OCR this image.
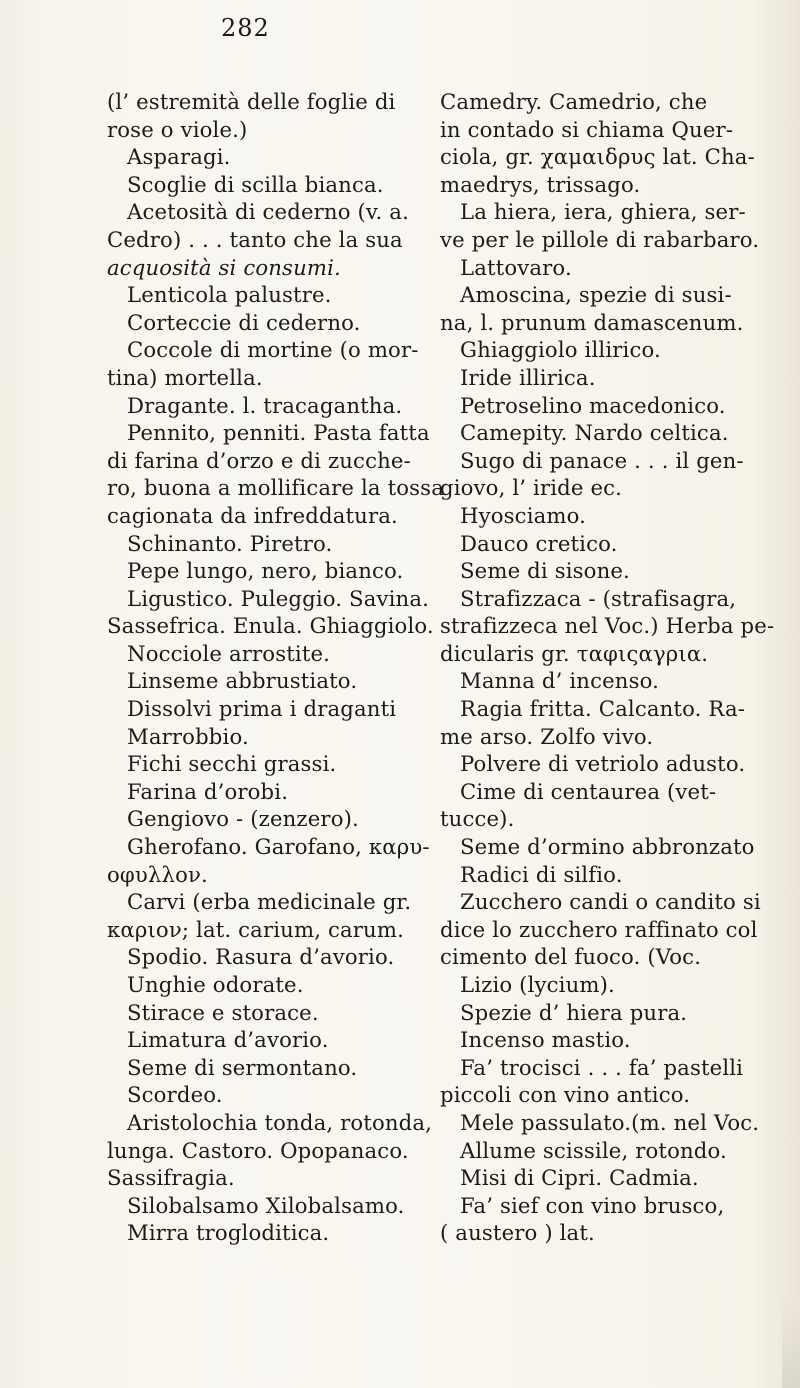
282
(l’ estremità delle foglie di
rose o viole.)
Asparagi.
Scoglie di scilla bianca.
Acetosità di cederno (v. a.
Cedro) . . . tanto che la sua
acquosità si consumi.
Lenticola palustre.
Corteccie di cederno.
Coccole di mortine (o mor-
tina) mortella.
Dragante. l. tracagantha.
Pennito, penniti. Pasta fatta
di farina d’orzo e di zucche-
ro, buona a mollificare la tossa
cagionata da infreddatura.
Schinanto. Piretro.
Pepe lungo, nero, bianco.
Ligustico. Puleggio. Savina.
Sassefrica. Enula. Ghiaggiolo.
Nocciole arrostite.
Linseme abbrustiato.
Dissolvi prima i draganti
Marrobbio.
Fichi secchi grassi.
Farina d’orobi.
Gengiovo - (zenzero).
Gherofano. Garofano, καρυ-
οφυλλον.
Carvi (erba medicinale gr.
καριον; lat. carium, carum.
Spodio. Rasura d’avorio.
Unghie odorate.
Stirace e storace.
Limatura d’avorio.
Seme di sermontano.
Scordeo.
Aristolochia tonda, rotonda,
lunga. Castoro. Opopanaco.
Sassifragia.
Silobalsamo Xilobalsamo.
Mirra trogloditica.
Camedry. Camedrio, che
in contado si chiama Quer-
ciola, gr. χαμαιδρυς lat. Cha-
maedrys, trissago.
La hiera, iera, ghiera, ser-
ve per le pillole di rabarbaro.
Lattovaro.
Amoscina, spezie di susi-
na, l. prunum damascenum.
Ghiaggiolo illirico.
Iride illirica.
Petroselino macedonico.
Camepity. Nardo celtica.
Sugo di panace . . . il gen-
giovo, l’ iride ec.
Hyosciamo.
Dauco cretico.
Seme di sisone.
Strafizzaca - (strafisagra,
strafizzeca nel Voc.) Herba pe-
dicularis gr. ταφιςαγρια.
Manna d’ incenso.
Ragia fritta. Calcanto. Ra-
me arso. Zolfo vivo.
Polvere di vetriolo adusto.
Cime di centaurea (vet-
tucce).
Seme d’ormino abbronzato
Radici di silfio.
Zucchero candi o candito si
dice lo zucchero raffinato col
cimento del fuoco. (Voc.
Lizio (lycium).
Spezie d’ hiera pura.
Incenso mastio.
Fa’ trocisci . . . fa’ pastelli
piccoli con vino antico.
Mele passulato.(m. nel Voc.
Allume scissile, rotondo.
Misi di Cipri. Cadmia.
Fa’ sief con vino brusco,
( austero ) lat.
